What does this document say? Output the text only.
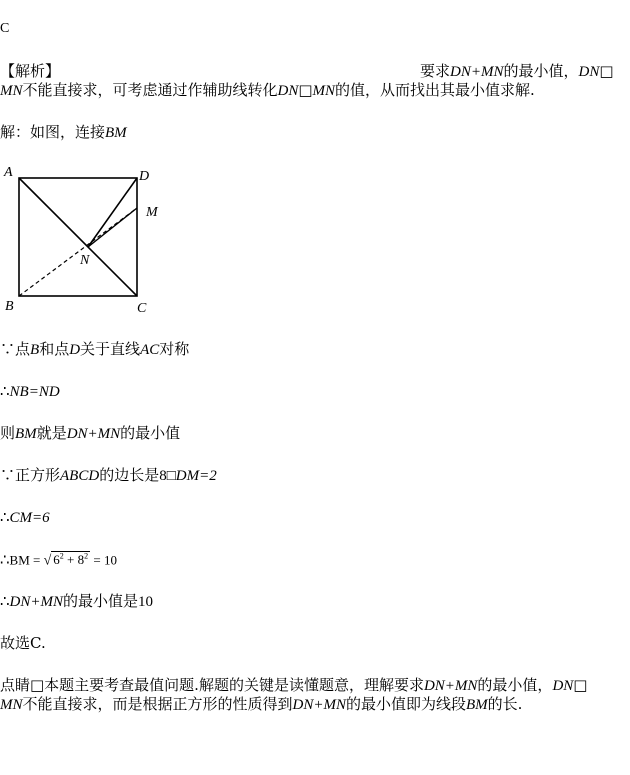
C
【解析】	要求DN+MN的最小值，DN□
MN不能直接求，可考虑通过作辅助线转化DN□MN的值，从而找出其最小值求解.
解：如图，连接BM
A	D
M
N
B	C
∵点B和点D关于直线AC对称
∴NB=ND
则BM就是DN+MN的最小值
∵正方形ABCD的边长是8□DM=2
∴CM=6
∴BM = √ $6^2 + 8^2 = 10$
∴DN+MN的最小值是10
故选C.
点睛□本题主要考查最值问题.解题的关键是读懂题意，理解要求DN+MN的最小值，DN□
MN不能直接求，而是根据正方形的性质得到DN+MN的最小值即为线段BM的长.
